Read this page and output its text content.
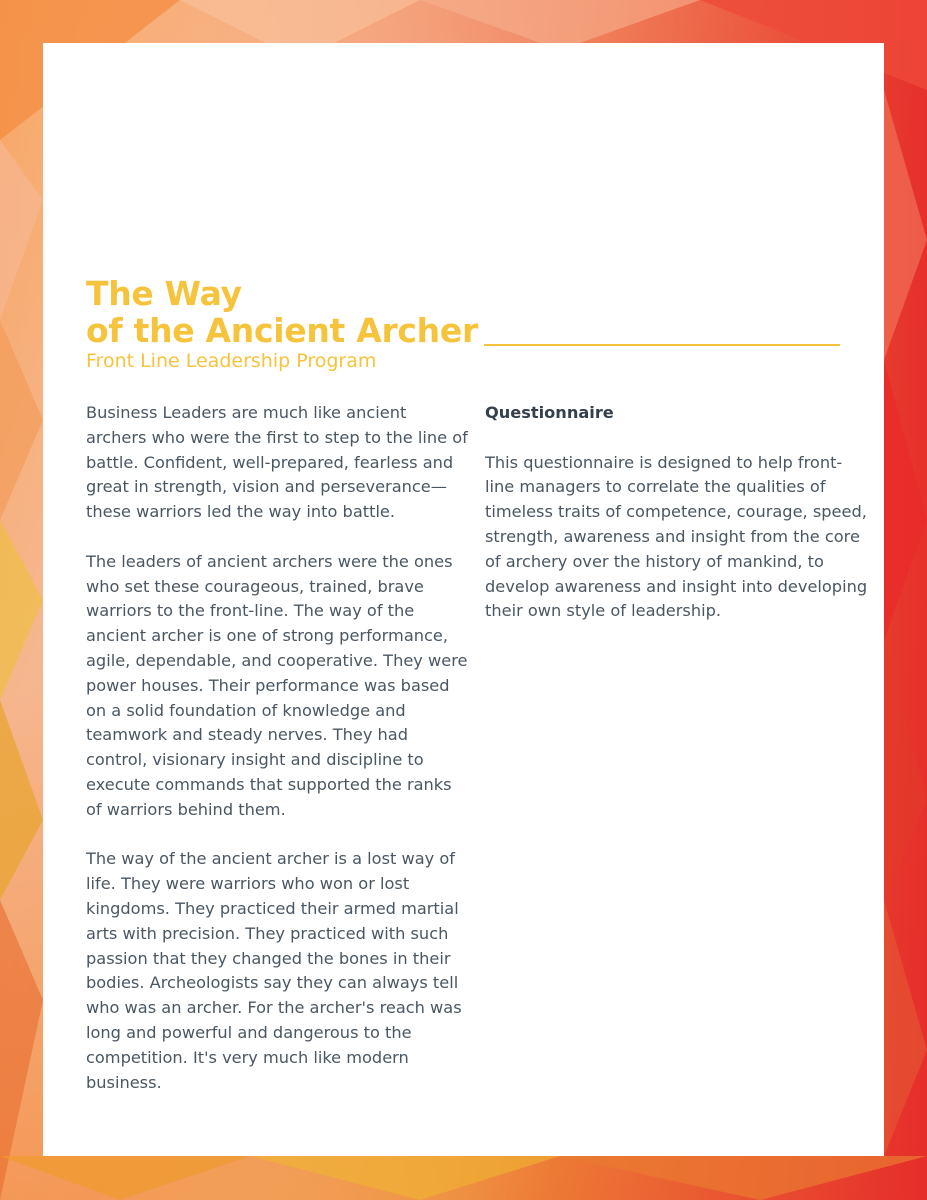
The Way
of the Ancient Archer
Front Line Leadership Program

Business Leaders are much like ancient archers who were the first to step to the line of battle. Confident, well-prepared, fearless and great in strength, vision and perseverance—these warriors led the way into battle.

The leaders of ancient archers were the ones who set these courageous, trained, brave warriors to the front-line. The way of the ancient archer is one of strong performance, agile, dependable, and cooperative. They were power houses. Their performance was based on a solid foundation of knowledge and teamwork and steady nerves. They had control, visionary insight and discipline to execute commands that supported the ranks of warriors behind them.

The way of the ancient archer is a lost way of life. They were warriors who won or lost kingdoms. They practiced their armed martial arts with precision. They practiced with such passion that they changed the bones in their bodies. Archeologists say they can always tell who was an archer. For the archer's reach was long and powerful and dangerous to the competition. It's very much like modern business.

Questionnaire

This questionnaire is designed to help front-line managers to correlate the qualities of timeless traits of competence, courage, speed, strength, awareness and insight from the core of archery over the history of mankind, to develop awareness and insight into developing their own style of leadership.
